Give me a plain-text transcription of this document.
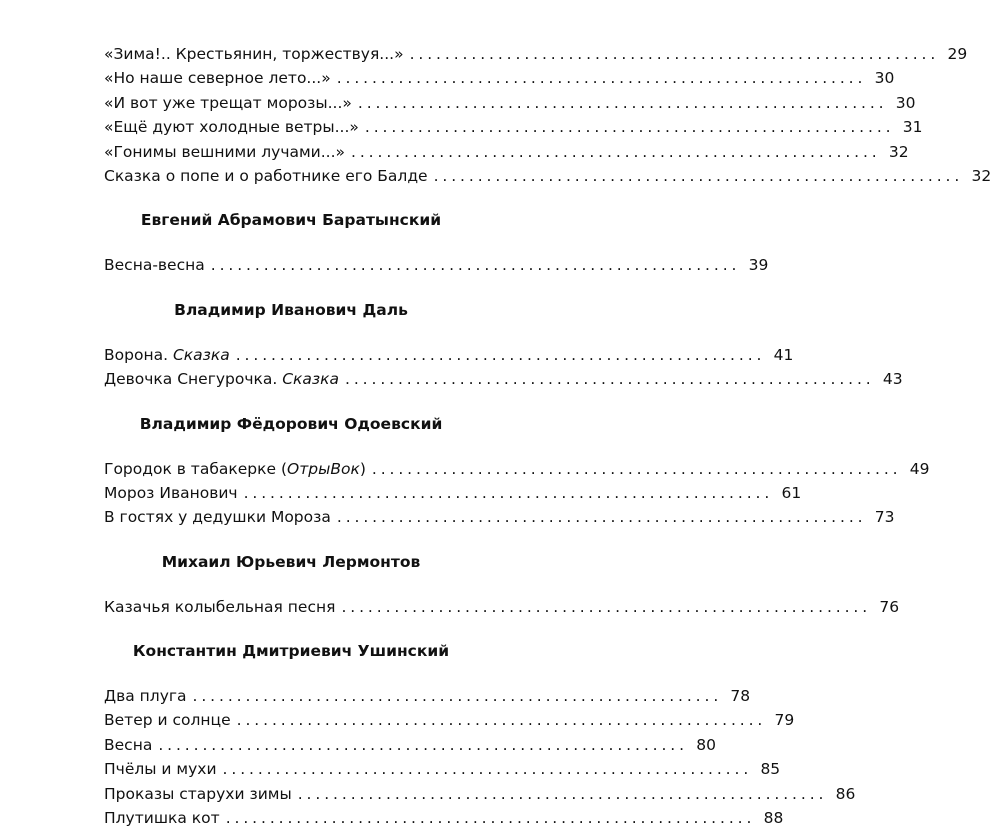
«Зима!.. Крестьянин, торжествуя...» ............................................................ 29
«Но наше северное лето...» ............................................................ 30
«И вот уже трещат морозы...» ............................................................ 30
«Ещё дуют холодные ветры...» ............................................................ 31
«Гонимы вешними лучами...» ............................................................ 32
Сказка о попе и о работнике его Балде ............................................................ 32
Евгений Абрамович Баратынский
Весна-весна ............................................................ 39
Владимир Иванович Даль
Ворона. Сказка ............................................................ 41
Девочка Снегурочка. Сказка ............................................................ 43
Владимир Фёдорович Одоевский
Городок в табакерке (ОтрыВок) ............................................................ 49
Мороз Иванович ............................................................ 61
В гостях у дедушки Мороза ............................................................ 73
Михаил Юрьевич Лермонтов
Казачья колыбельная песня ............................................................ 76
Константин Дмитриевич Ушинский
Два плуга ............................................................ 78
Ветер и солнце ............................................................ 79
Весна ............................................................ 80
Пчёлы и мухи ............................................................ 85
Проказы старухи зимы ............................................................ 86
Плутишка кот ............................................................ 88
